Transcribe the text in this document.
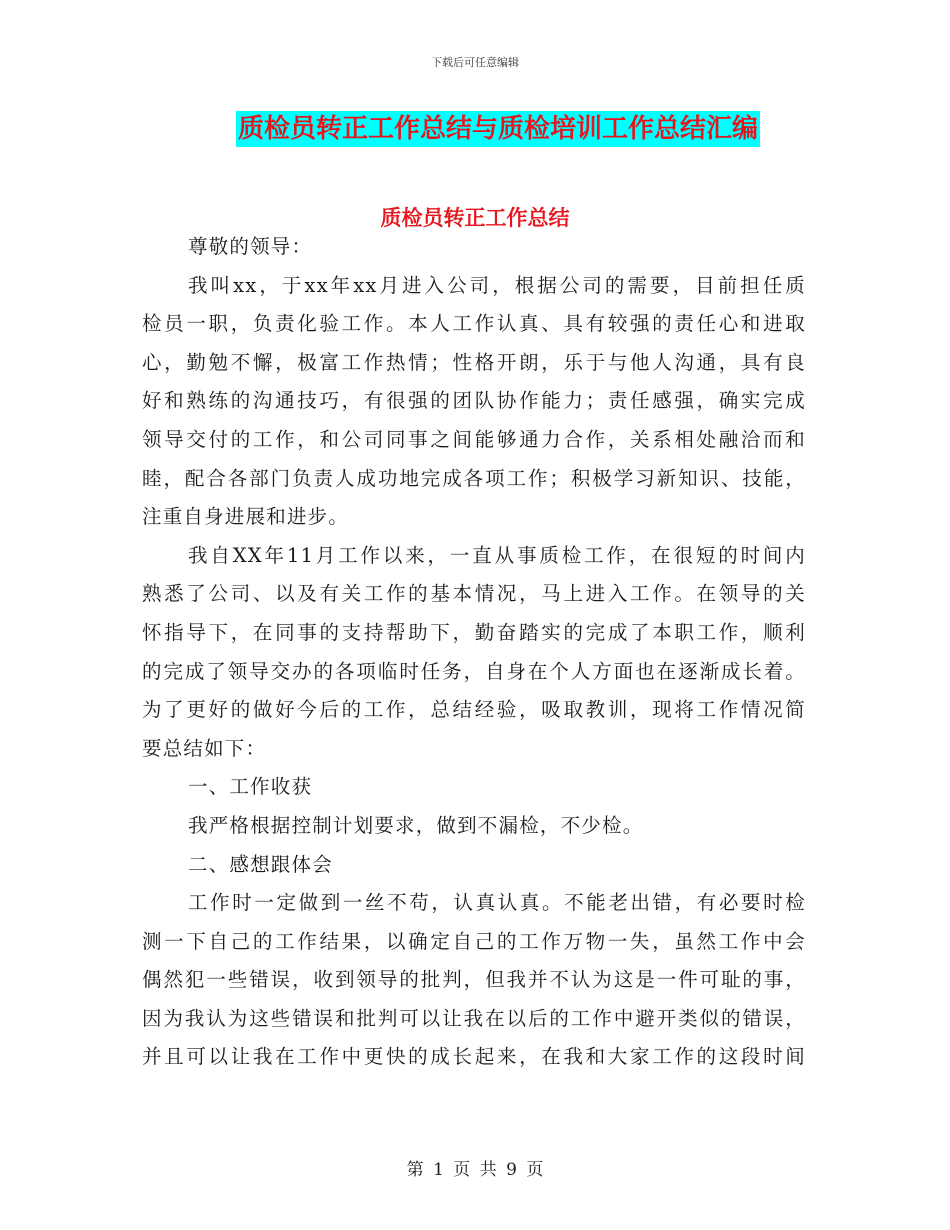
下载后可任意编辑
质检员转正工作总结与质检培训工作总结汇编
质检员转正工作总结
尊敬的领导：
我叫xx，于xx年xx月进入公司，根据公司的需要，目前担任质
检员一职，负责化验工作。本人工作认真、具有较强的责任心和进取
心，勤勉不懈，极富工作热情；性格开朗，乐于与他人沟通，具有良
好和熟练的沟通技巧，有很强的团队协作能力；责任感强，确实完成
领导交付的工作，和公司同事之间能够通力合作，关系相处融洽而和
睦，配合各部门负责人成功地完成各项工作；积极学习新知识、技能，
注重自身进展和进步。
我自XX年11月工作以来，一直从事质检工作，在很短的时间内
熟悉了公司、以及有关工作的基本情况，马上进入工作。在领导的关
怀指导下，在同事的支持帮助下，勤奋踏实的完成了本职工作，顺利
的完成了领导交办的各项临时任务，自身在个人方面也在逐渐成长着。
为了更好的做好今后的工作，总结经验，吸取教训，现将工作情况简
要总结如下：
一、工作收获
我严格根据控制计划要求，做到不漏检，不少检。
二、感想跟体会
工作时一定做到一丝不苟，认真认真。不能老出错，有必要时检
测一下自己的工作结果，以确定自己的工作万物一失，虽然工作中会
偶然犯一些错误，收到领导的批判，但我并不认为这是一件可耻的事，
因为我认为这些错误和批判可以让我在以后的工作中避开类似的错误，
并且可以让我在工作中更快的成长起来，在我和大家工作的这段时间
第 1 页 共 9 页
